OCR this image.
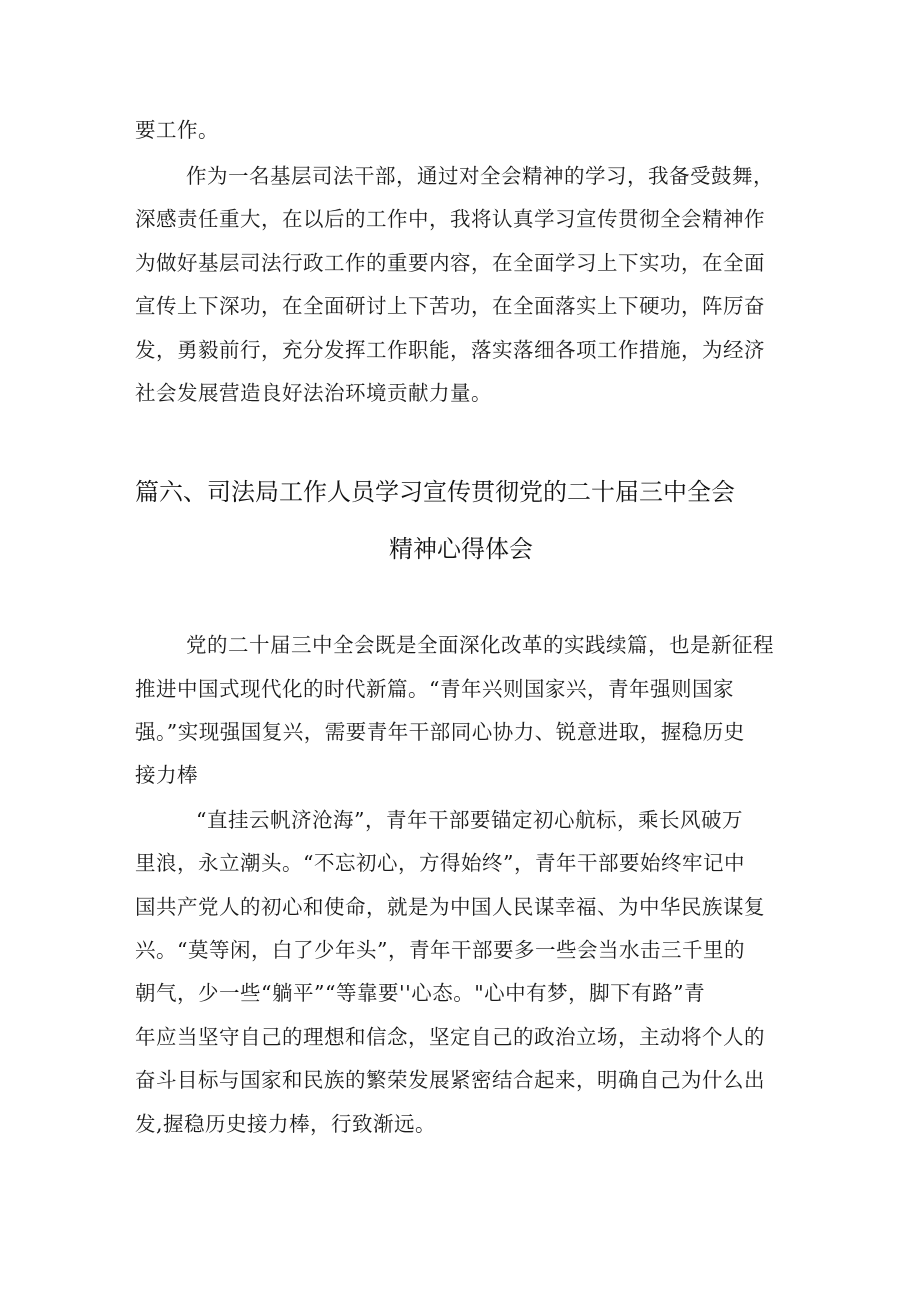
要工作。
作为一名基层司法干部，通过对全会精神的学习，我备受鼓舞，
深感责任重大，在以后的工作中，我将认真学习宣传贯彻全会精神作
为做好基层司法行政工作的重要内容，在全面学习上下实功，在全面
宣传上下深功，在全面研讨上下苦功，在全面落实上下硬功，阵厉奋
发，勇毅前行，充分发挥工作职能，落实落细各项工作措施，为经济
社会发展营造良好法治环境贡献力量。
篇六、司法局工作人员学习宣传贯彻党的二十届三中全会
精神心得体会
党的二十届三中全会既是全面深化改革的实践续篇，也是新征程
推进中国式现代化的时代新篇。“青年兴则国家兴，青年强则国家
强。”实现强国复兴，需要青年干部同心协力、锐意进取，握稳历史
接力棒
“直挂云帆济沧海”，青年干部要锚定初心航标，乘长风破万
里浪，永立潮头。“不忘初心，方得始终”，青年干部要始终牢记中
国共产党人的初心和使命，就是为中国人民谋幸福、为中华民族谋复
兴。“莫等闲，白了少年头”，青年干部要多一些会当水击三千里的
朝气，少一些“躺平”“等靠要''心态。"心中有梦，脚下有路”青
年应当坚守自己的理想和信念，坚定自己的政治立场，主动将个人的
奋斗目标与国家和民族的繁荣发展紧密结合起来，明确自己为什么出
发,握稳历史接力棒，行致渐远。
